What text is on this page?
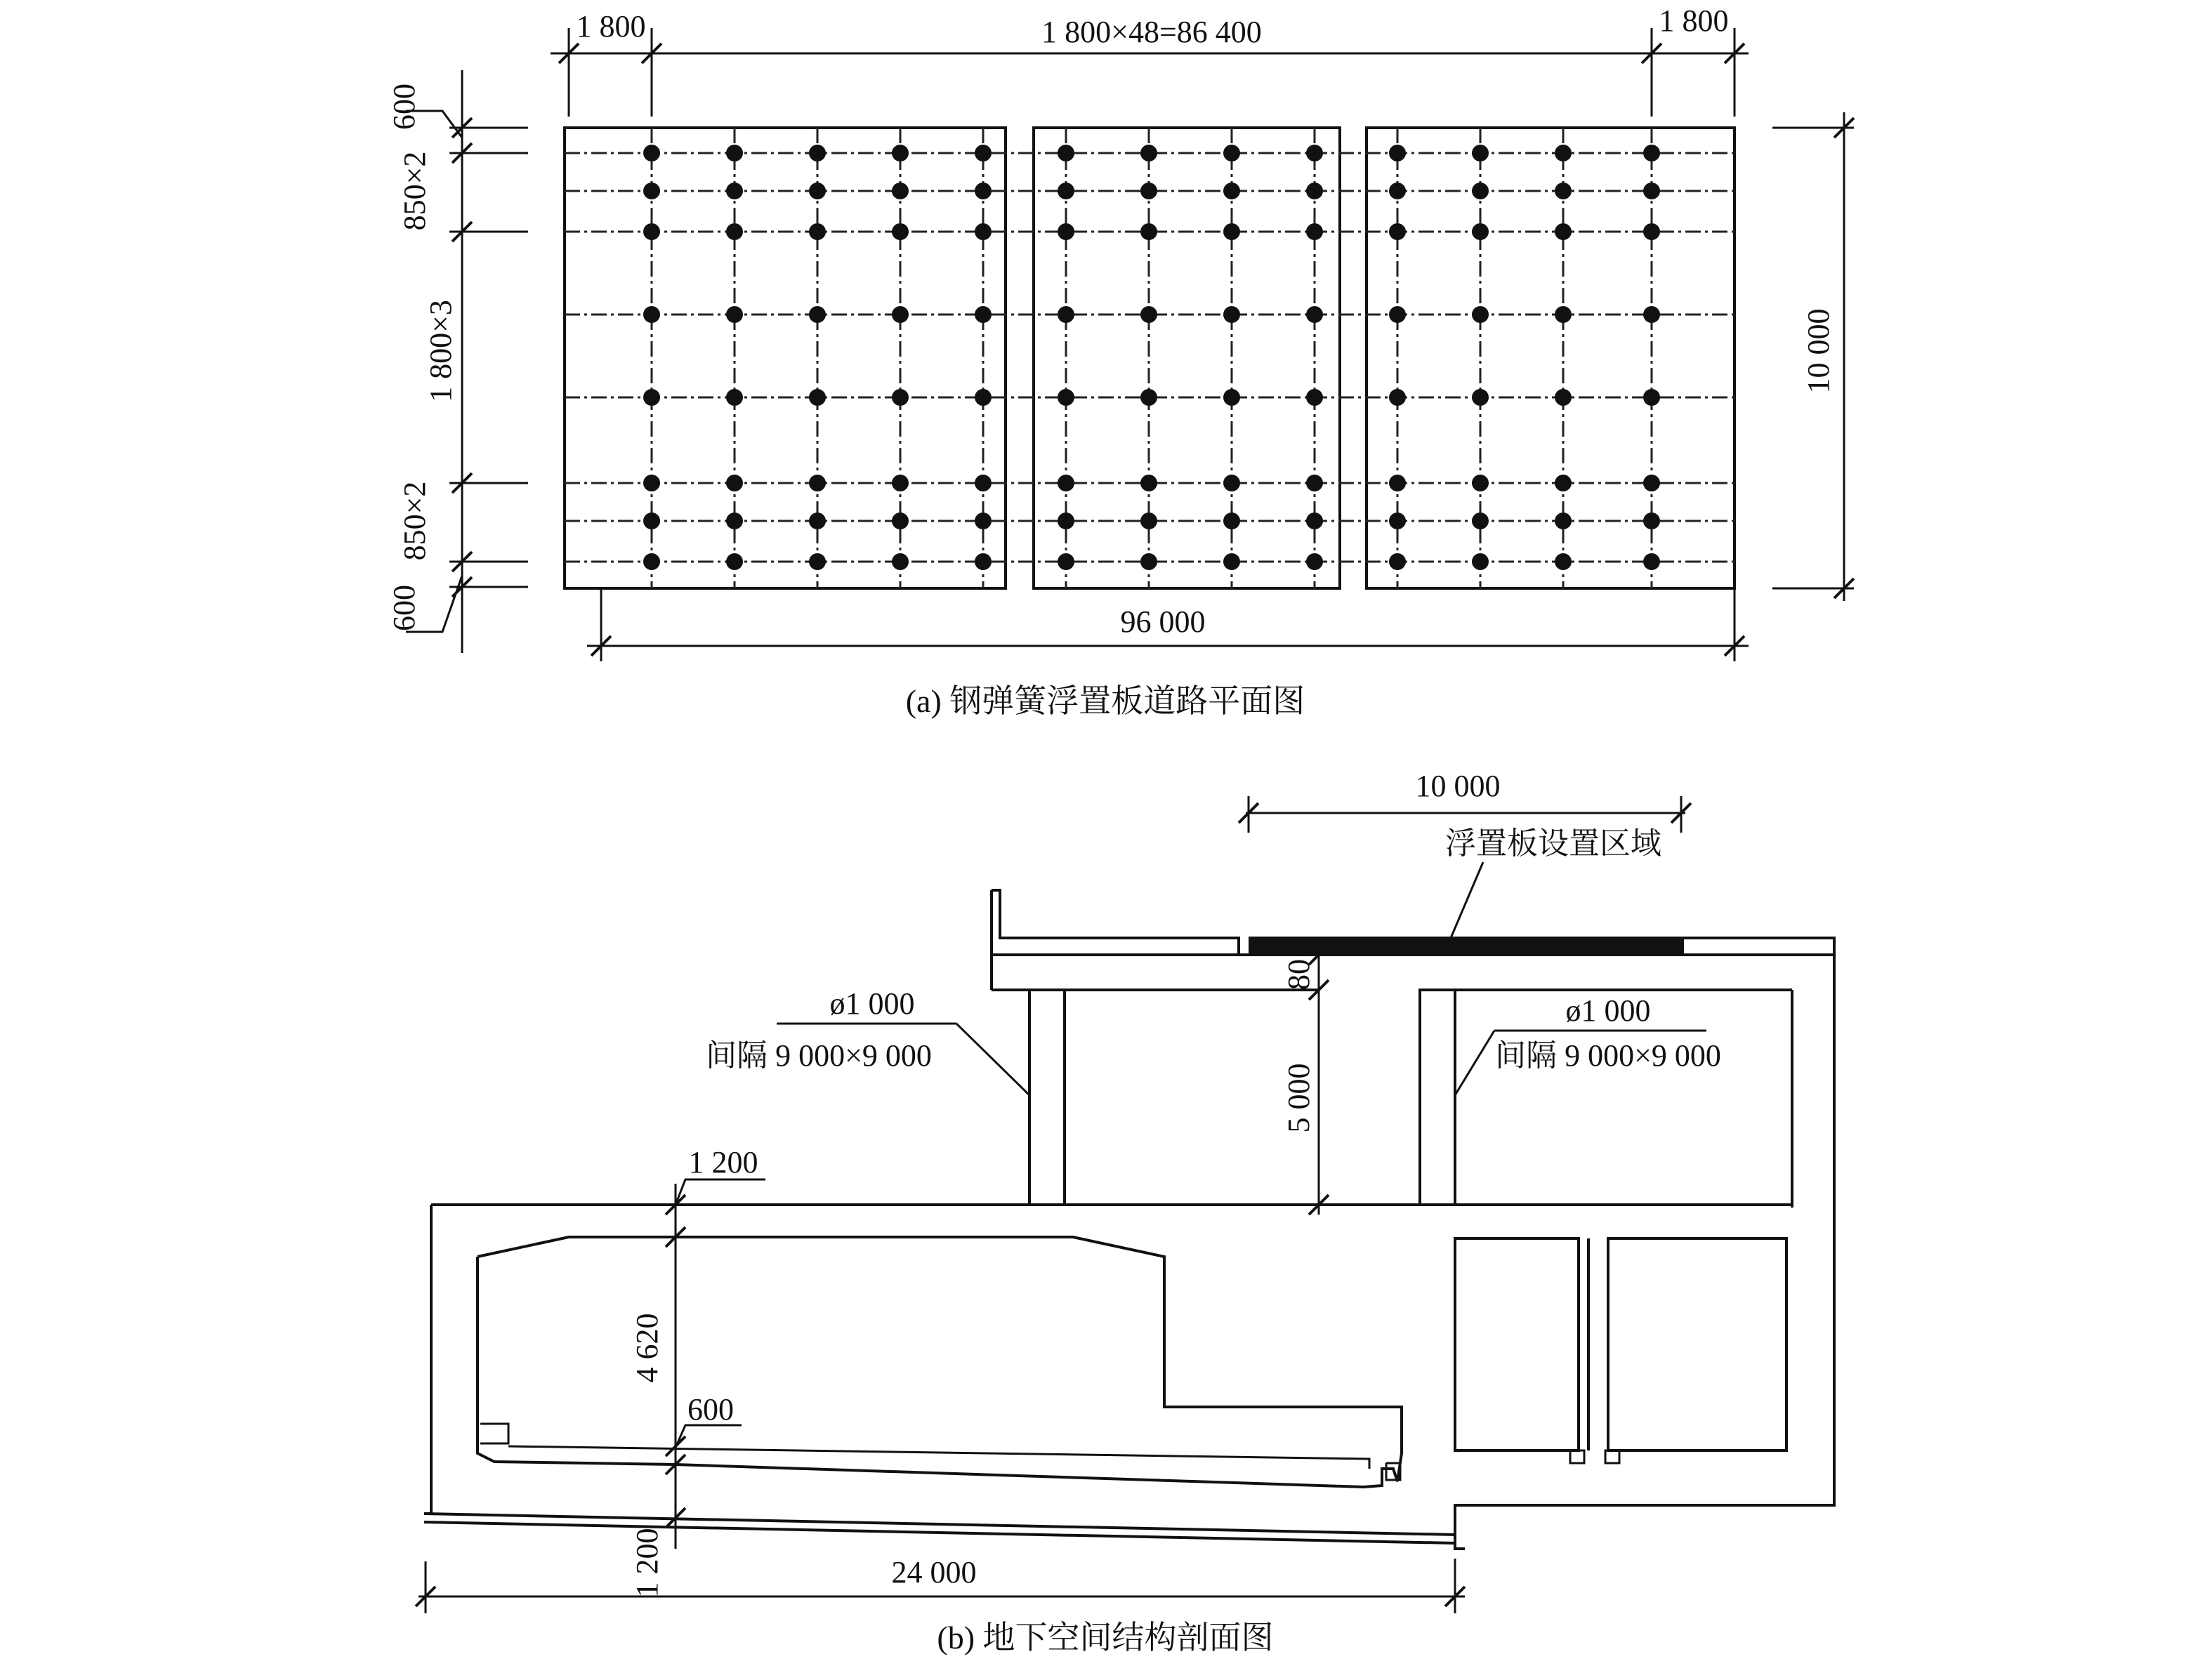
1 800	1 800×48=86 400	1 800
600
850×2
1 800×3
850×2
600
10 000
96 000
(a) 钢弹簧浮置板道路平面图
10 000
浮置板设置区域
ø1 000
间隔 9 000×9 000
ø1 000
间隔 9 000×9 000
80
5 000
1 200
4 620
600
1 200	24 000
(b) 地下空间结构剖面图
